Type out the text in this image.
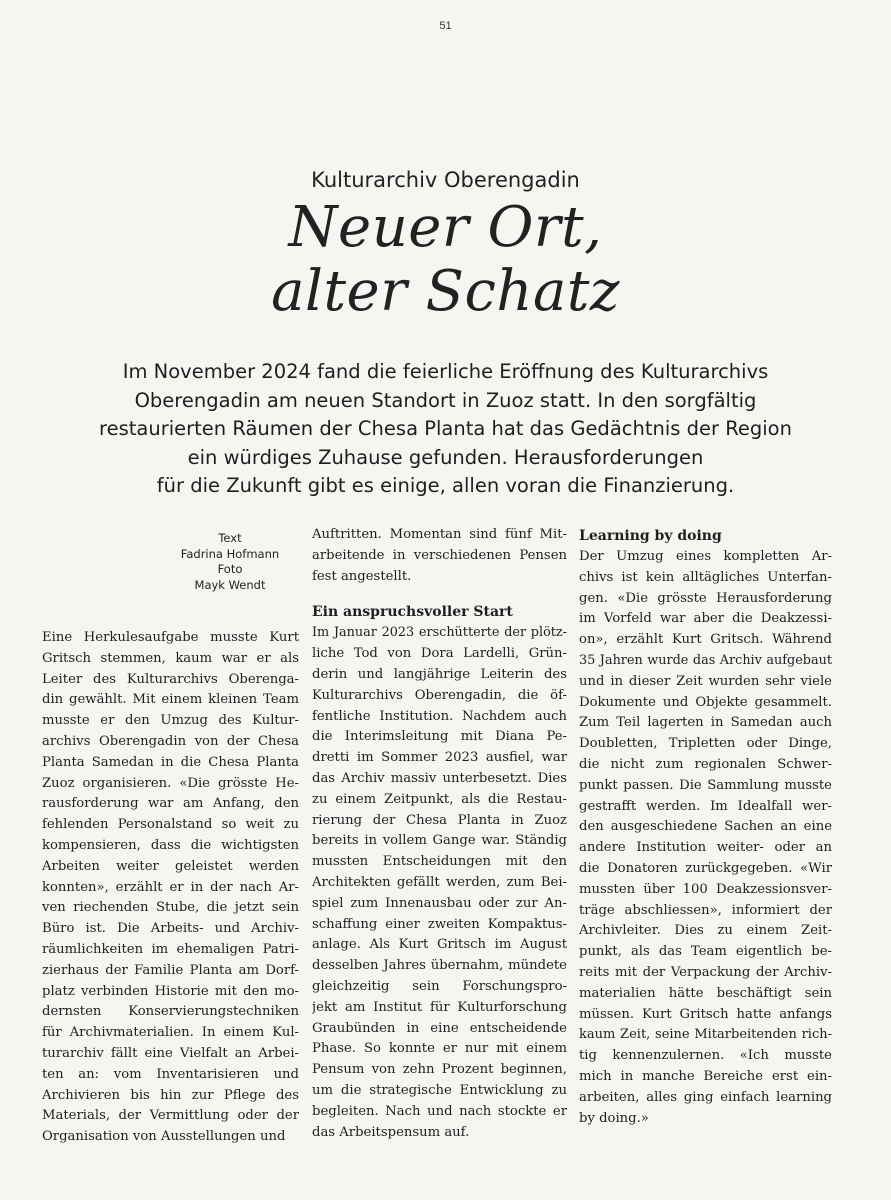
51
Kulturarchiv Oberengadin
Neuer Ort,
alter Schatz
Im November 2024 fand die feierliche Eröffnung des Kulturarchivs
Oberengadin am neuen Standort in Zuoz statt. In den sorgfältig
restaurierten Räumen der Chesa Planta hat das Gedächtnis der Region
ein würdiges Zuhause gefunden. Herausforderungen
für die Zukunft gibt es einige, allen voran die Finanzierung.
Text
Fadrina Hofmann
Foto
Mayk Wendt
Eine Herkulesaufgabe musste Kurt
Gritsch stemmen, kaum war er als
Leiter des Kulturarchivs Oberenga-
din gewählt. Mit einem kleinen Team
musste er den Umzug des Kultur-
archivs Oberengadin von der Chesa
Planta Samedan in die Chesa Planta
Zuoz organisieren. «Die grösste He-
rausforderung war am Anfang, den
fehlenden Personalstand so weit zu
kompensieren, dass die wichtigsten
Arbeiten weiter geleistet werden
konnten», erzählt er in der nach Ar-
ven riechenden Stube, die jetzt sein
Büro ist. Die Arbeits- und Archiv-
räumlichkeiten im ehemaligen Patri-
zierhaus der Familie Planta am Dorf-
platz verbinden Historie mit den mo-
dernsten Konservierungstechniken
für Archivmaterialien. In einem Kul-
turarchiv fällt eine Vielfalt an Arbei-
ten an: vom Inventarisieren und
Archivieren bis hin zur Pflege des
Materials, der Vermittlung oder der
Organisation von Ausstellungen und
Auftritten. Momentan sind fünf Mit-
arbeitende in verschiedenen Pensen
fest angestellt.
Ein anspruchsvoller Start
Im Januar 2023 erschütterte der plötz-
liche Tod von Dora Lardelli, Grün-
derin und langjährige Leiterin des
Kulturarchivs Oberengadin, die öf-
fentliche Institution. Nachdem auch
die Interimsleitung mit Diana Pe-
dretti im Sommer 2023 ausfiel, war
das Archiv massiv unterbesetzt. Dies
zu einem Zeitpunkt, als die Restau-
rierung der Chesa Planta in Zuoz
bereits in vollem Gange war. Ständig
mussten Entscheidungen mit den
Architekten gefällt werden, zum Bei-
spiel zum Innenausbau oder zur An-
schaffung einer zweiten Kompaktus-
anlage. Als Kurt Gritsch im August
desselben Jahres übernahm, mündete
gleichzeitig sein Forschungspro-
jekt am Institut für Kulturforschung
Graubünden in eine entscheidende
Phase. So konnte er nur mit einem
Pensum von zehn Prozent beginnen,
um die strategische Entwicklung zu
begleiten. Nach und nach stockte er
das Arbeitspensum auf.
Learning by doing
Der Umzug eines kompletten Ar-
chivs ist kein alltägliches Unterfan-
gen. «Die grösste Herausforderung
im Vorfeld war aber die Deakzessi-
on», erzählt Kurt Gritsch. Während
35 Jahren wurde das Archiv aufgebaut
und in dieser Zeit wurden sehr viele
Dokumente und Objekte gesammelt.
Zum Teil lagerten in Samedan auch
Doubletten, Tripletten oder Dinge,
die nicht zum regionalen Schwer-
punkt passen. Die Sammlung musste
gestrafft werden. Im Idealfall wer-
den ausgeschiedene Sachen an eine
andere Institution weiter- oder an
die Donatoren zurückgegeben. «Wir
mussten über 100 Deakzessionsver-
träge abschliessen», informiert der
Archivleiter. Dies zu einem Zeit-
punkt, als das Team eigentlich be-
reits mit der Verpackung der Archiv-
materialien hätte beschäftigt sein
müssen. Kurt Gritsch hatte anfangs
kaum Zeit, seine Mitarbeitenden rich-
tig kennenzulernen. «Ich musste
mich in manche Bereiche erst ein-
arbeiten, alles ging einfach learning
by doing.»
